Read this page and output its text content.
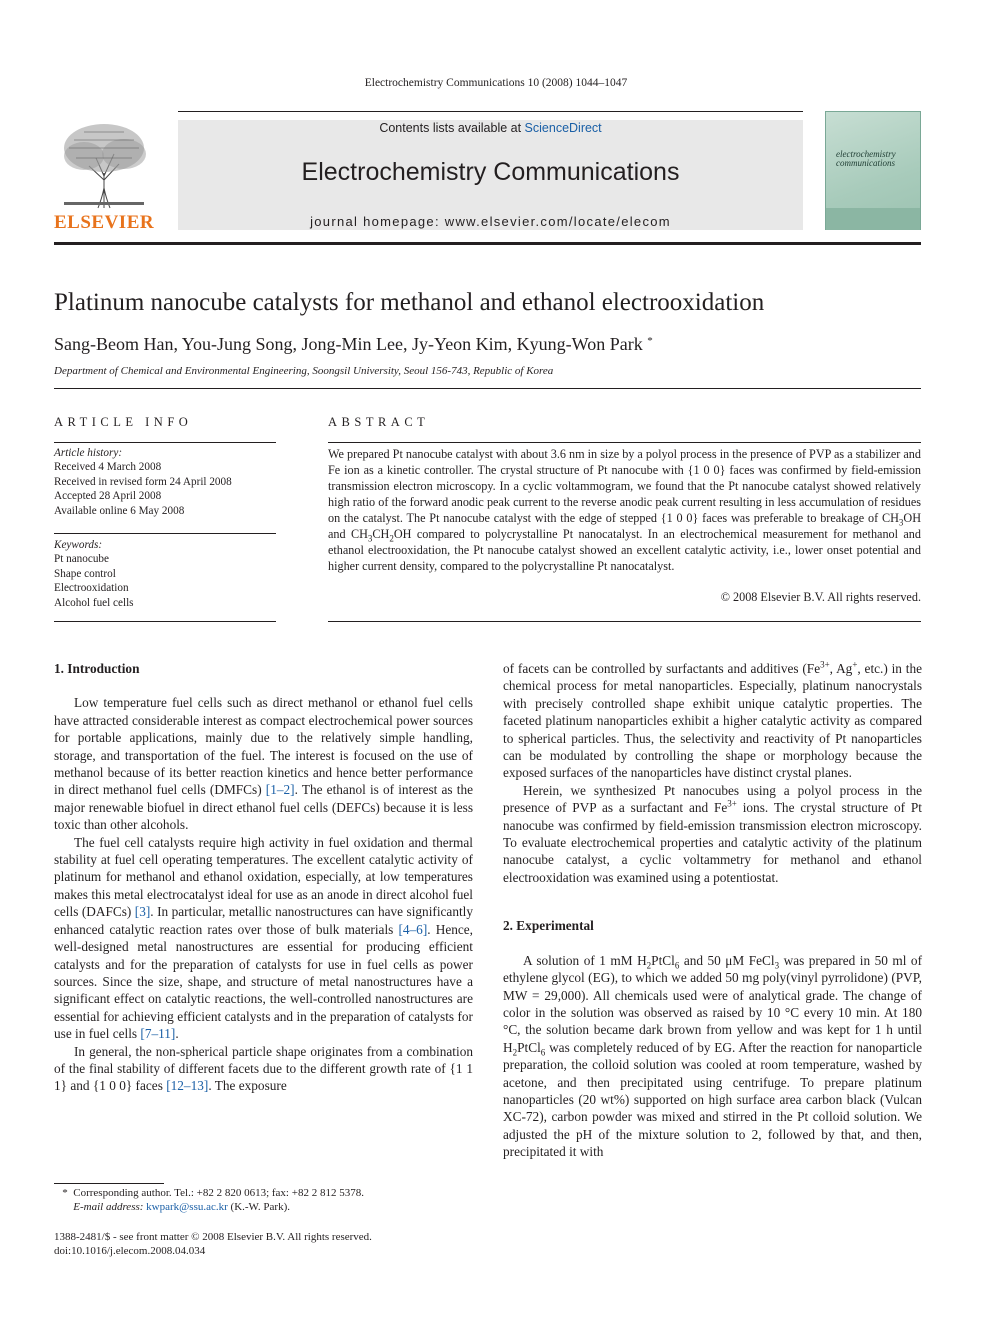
Electrochemistry Communications 10 (2008) 1044–1047
ELSEVIER
Contents lists available at ScienceDirect
Electrochemistry Communications
journal homepage: www.elsevier.com/locate/elecom
electrochemistry communications
Platinum nanocube catalysts for methanol and ethanol electrooxidation
Sang-Beom Han, You-Jung Song, Jong-Min Lee, Jy-Yeon Kim, Kyung-Won Park *
Department of Chemical and Environmental Engineering, Soongsil University, Seoul 156-743, Republic of Korea
ARTICLE INFO
Article history:
Received 4 March 2008
Received in revised form 24 April 2008
Accepted 28 April 2008
Available online 6 May 2008
Keywords:
Pt nanocube
Shape control
Electrooxidation
Alcohol fuel cells
ABSTRACT
We prepared Pt nanocube catalyst with about 3.6 nm in size by a polyol process in the presence of PVP as a stabilizer and Fe ion as a kinetic controller. The crystal structure of Pt nanocube with {1 0 0} faces was confirmed by field-emission transmission electron microscopy. In a cyclic voltammogram, we found that the Pt nanocube catalyst showed relatively high ratio of the forward anodic peak current to the reverse anodic peak current resulting in less accumulation of residues on the catalyst. The Pt nanocube catalyst with the edge of stepped {1 0 0} faces was preferable to breakage of $CH_3OH$ and $CH_3CH_2OH$ compared to polycrystalline Pt nanocatalyst. In an electrochemical measurement for methanol and ethanol electrooxidation, the Pt nanocube catalyst showed an excellent catalytic activity, i.e., lower onset potential and higher current density, compared to the polycrystalline Pt nanocatalyst.
© 2008 Elsevier B.V. All rights reserved.
1. Introduction

Low temperature fuel cells such as direct methanol or ethanol fuel cells have attracted considerable interest as compact electrochemical power sources for portable applications, mainly due to the relatively simple handling, storage, and transportation of the fuel. The interest is focused on the use of methanol because of its better reaction kinetics and hence better performance in direct methanol fuel cells (DMFCs) [1–2]. The ethanol is of interest as the major renewable biofuel in direct ethanol fuel cells (DEFCs) because it is less toxic than other alcohols.

The fuel cell catalysts require high activity in fuel oxidation and thermal stability at fuel cell operating temperatures. The excellent catalytic activity of platinum for methanol and ethanol oxidation, especially, at low temperatures makes this metal electrocatalyst ideal for use as an anode in direct alcohol fuel cells (DAFCs) [3]. In particular, metallic nanostructures can have significantly enhanced catalytic reaction rates over those of bulk materials [4–6]. Hence, well-designed metal nanostructures are essential for producing efficient catalysts and for the preparation of catalysts for use in fuel cells as power sources. Since the size, shape, and structure of metal nanostructures have a significant effect on catalytic reactions, the well-controlled nanostructures are essential for achieving efficient catalysts and in the preparation of catalysts for use in fuel cells [7–11].

In general, the non-spherical particle shape originates from a combination of the final stability of different facets due to the different growth rate of {1 1 1} and {1 0 0} faces [12–13]. The exposure

of facets can be controlled by surfactants and additives ($Fe^{3+}$, Ag+, etc.) in the chemical process for metal nanoparticles. Especially, platinum nanocrystals with precisely controlled shape exhibit unique catalytic properties. The faceted platinum nanoparticles exhibit a higher catalytic activity as compared to spherical particles. Thus, the selectivity and reactivity of Pt nanoparticles can be modulated by controlling the shape or morphology because the exposed surfaces of the nanoparticles have distinct crystal planes.

Herein, we synthesized Pt nanocubes using a polyol process in the presence of PVP as a surfactant and $Fe^{3+}$ ions. The crystal structure of Pt nanocube was confirmed by field-emission transmission electron microscopy. To evaluate electrochemical properties and catalytic activity of the platinum nanocube catalyst, a cyclic voltammetry for methanol and ethanol electrooxidation was examined using a potentiostat.

2. Experimental

A solution of 1 mM $H_2PtCl_6$ and 50 μM FeCl$_3$ was prepared in 50 ml of ethylene glycol (EG), to which we added 50 mg poly(vinyl pyrrolidone) (PVP, MW = 29,000). All chemicals used were of analytical grade. The change of color in the solution was observed as raised by 10 °C every 10 min. At 180 °C, the solution became dark brown from yellow and was kept for 1 h until $H_2PtCl_6$ was completely reduced of by EG. After the reaction for nanoparticle preparation, the colloid solution was cooled at room temperature, washed by acetone, and then precipitated using centrifuge. To prepare platinum nanoparticles (20 wt%) supported on high surface area carbon black (Vulcan XC-72), carbon powder was mixed and stirred in the Pt colloid solution. We adjusted the pH of the mixture solution to 2, followed by that, and then, precipitated it with

* Corresponding author. Tel.: +82 2 820 0613; fax: +82 2 812 5378.
E-mail address: kwpark@ssu.ac.kr (K.-W. Park).
1388-2481/$ - see front matter © 2008 Elsevier B.V. All rights reserved.
doi:10.1016/j.elecom.2008.04.034
